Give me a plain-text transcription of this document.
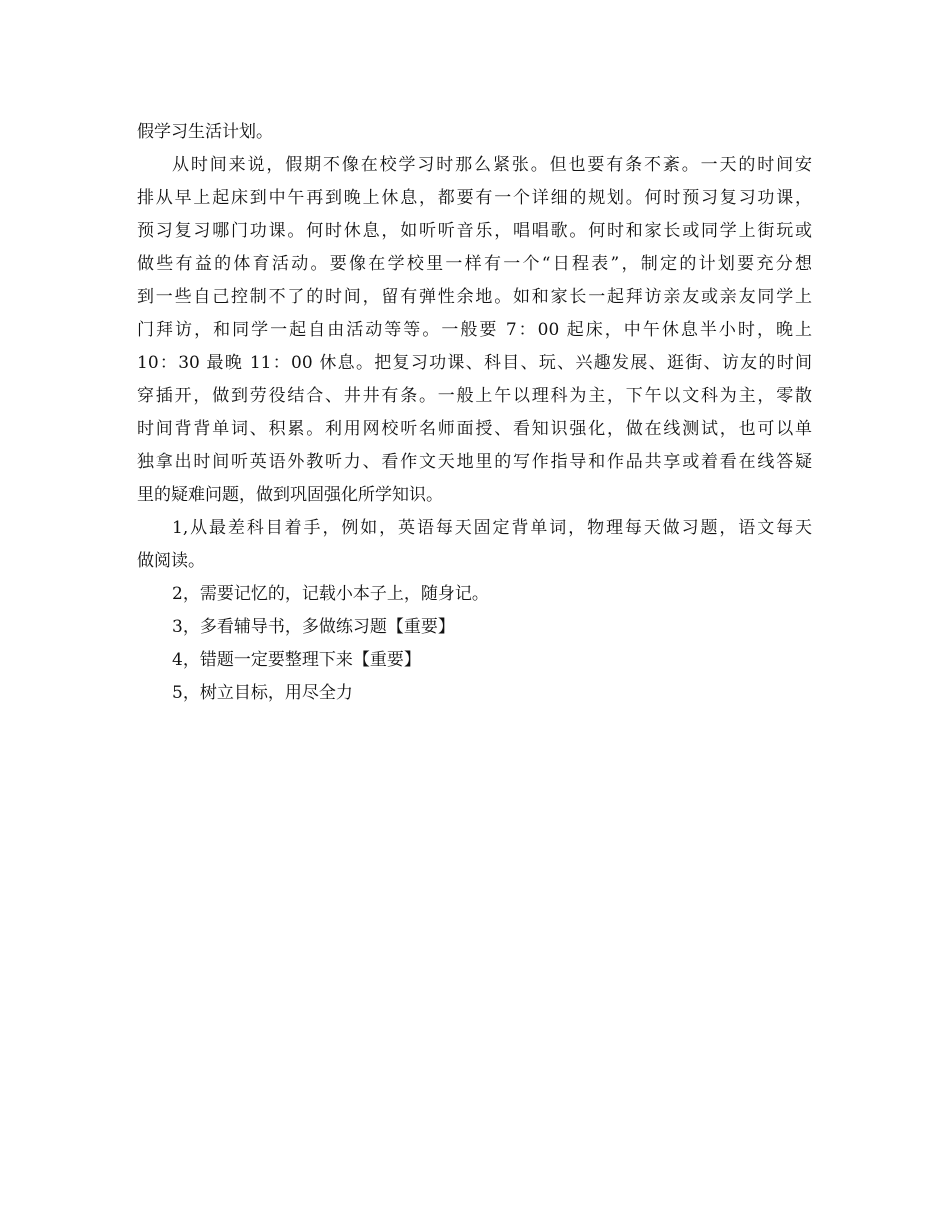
假学习生活计划。
从时间来说，假期不像在校学习时那么紧张。但也要有条不紊。一天的时间安
排从早上起床到中午再到晚上休息，都要有一个详细的规划。何时预习复习功课，
预习复习哪门功课。何时休息，如听听音乐，唱唱歌。何时和家长或同学上街玩或
做些有益的体育活动。要像在学校里一样有一个“日程表”，制定的计划要充分想
到一些自己控制不了的时间，留有弹性余地。如和家长一起拜访亲友或亲友同学上
门拜访，和同学一起自由活动等等。一般要 7：00 起床，中午休息半小时，晚上
10：30 最晚 11：00 休息。把复习功课、科目、玩、兴趣发展、逛街、访友的时间
穿插开，做到劳役结合、井井有条。一般上午以理科为主，下午以文科为主，零散
时间背背单词、积累。利用网校听名师面授、看知识强化，做在线测试，也可以单
独拿出时间听英语外教听力、看作文天地里的写作指导和作品共享或着看在线答疑
里的疑难问题，做到巩固强化所学知识。
1,从最差科目着手，例如，英语每天固定背单词，物理每天做习题，语文每天
做阅读。
2，需要记忆的，记载小本子上，随身记。
3，多看辅导书，多做练习题【重要】
4，错题一定要整理下来【重要】
5，树立目标，用尽全力
